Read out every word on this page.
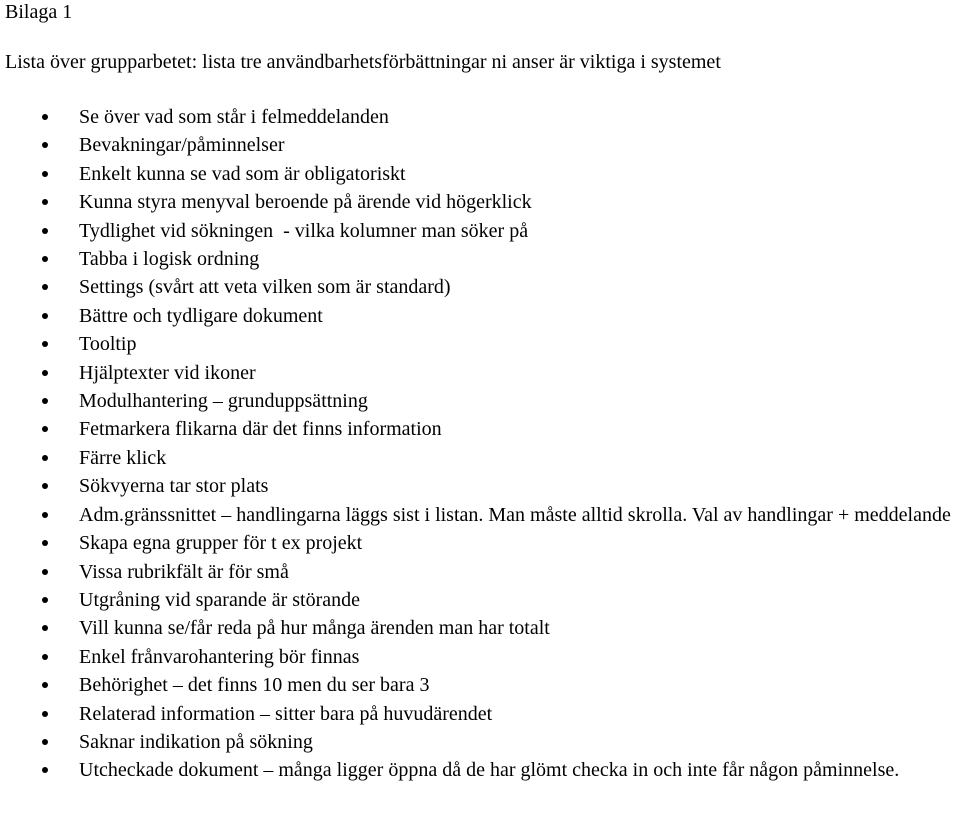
Bilaga 1

Lista över grupparbetet: lista tre användbarhetsförbättningar ni anser är viktiga i systemet

Se över vad som står i felmeddelanden
Bevakningar/påminnelser
Enkelt kunna se vad som är obligatoriskt
Kunna styra menyval beroende på ärende vid högerklick
Tydlighet vid sökningen  - vilka kolumner man söker på
Tabba i logisk ordning
Settings (svårt att veta vilken som är standard)
Bättre och tydligare dokument
Tooltip
Hjälptexter vid ikoner
Modulhantering – grunduppsättning
Fetmarkera flikarna där det finns information
Färre klick
Sökvyerna tar stor plats
Adm.gränssnittet – handlingarna läggs sist i listan. Man måste alltid skrolla. Val av handlingar + meddelande
Skapa egna grupper för t ex projekt
Vissa rubrikfält är för små
Utgråning vid sparande är störande
Vill kunna se/får reda på hur många ärenden man har totalt
Enkel frånvarohantering bör finnas
Behörighet – det finns 10 men du ser bara 3
Relaterad information – sitter bara på huvudärendet
Saknar indikation på sökning
Utcheckade dokument – många ligger öppna då de har glömt checka in och inte får någon påminnelse.
